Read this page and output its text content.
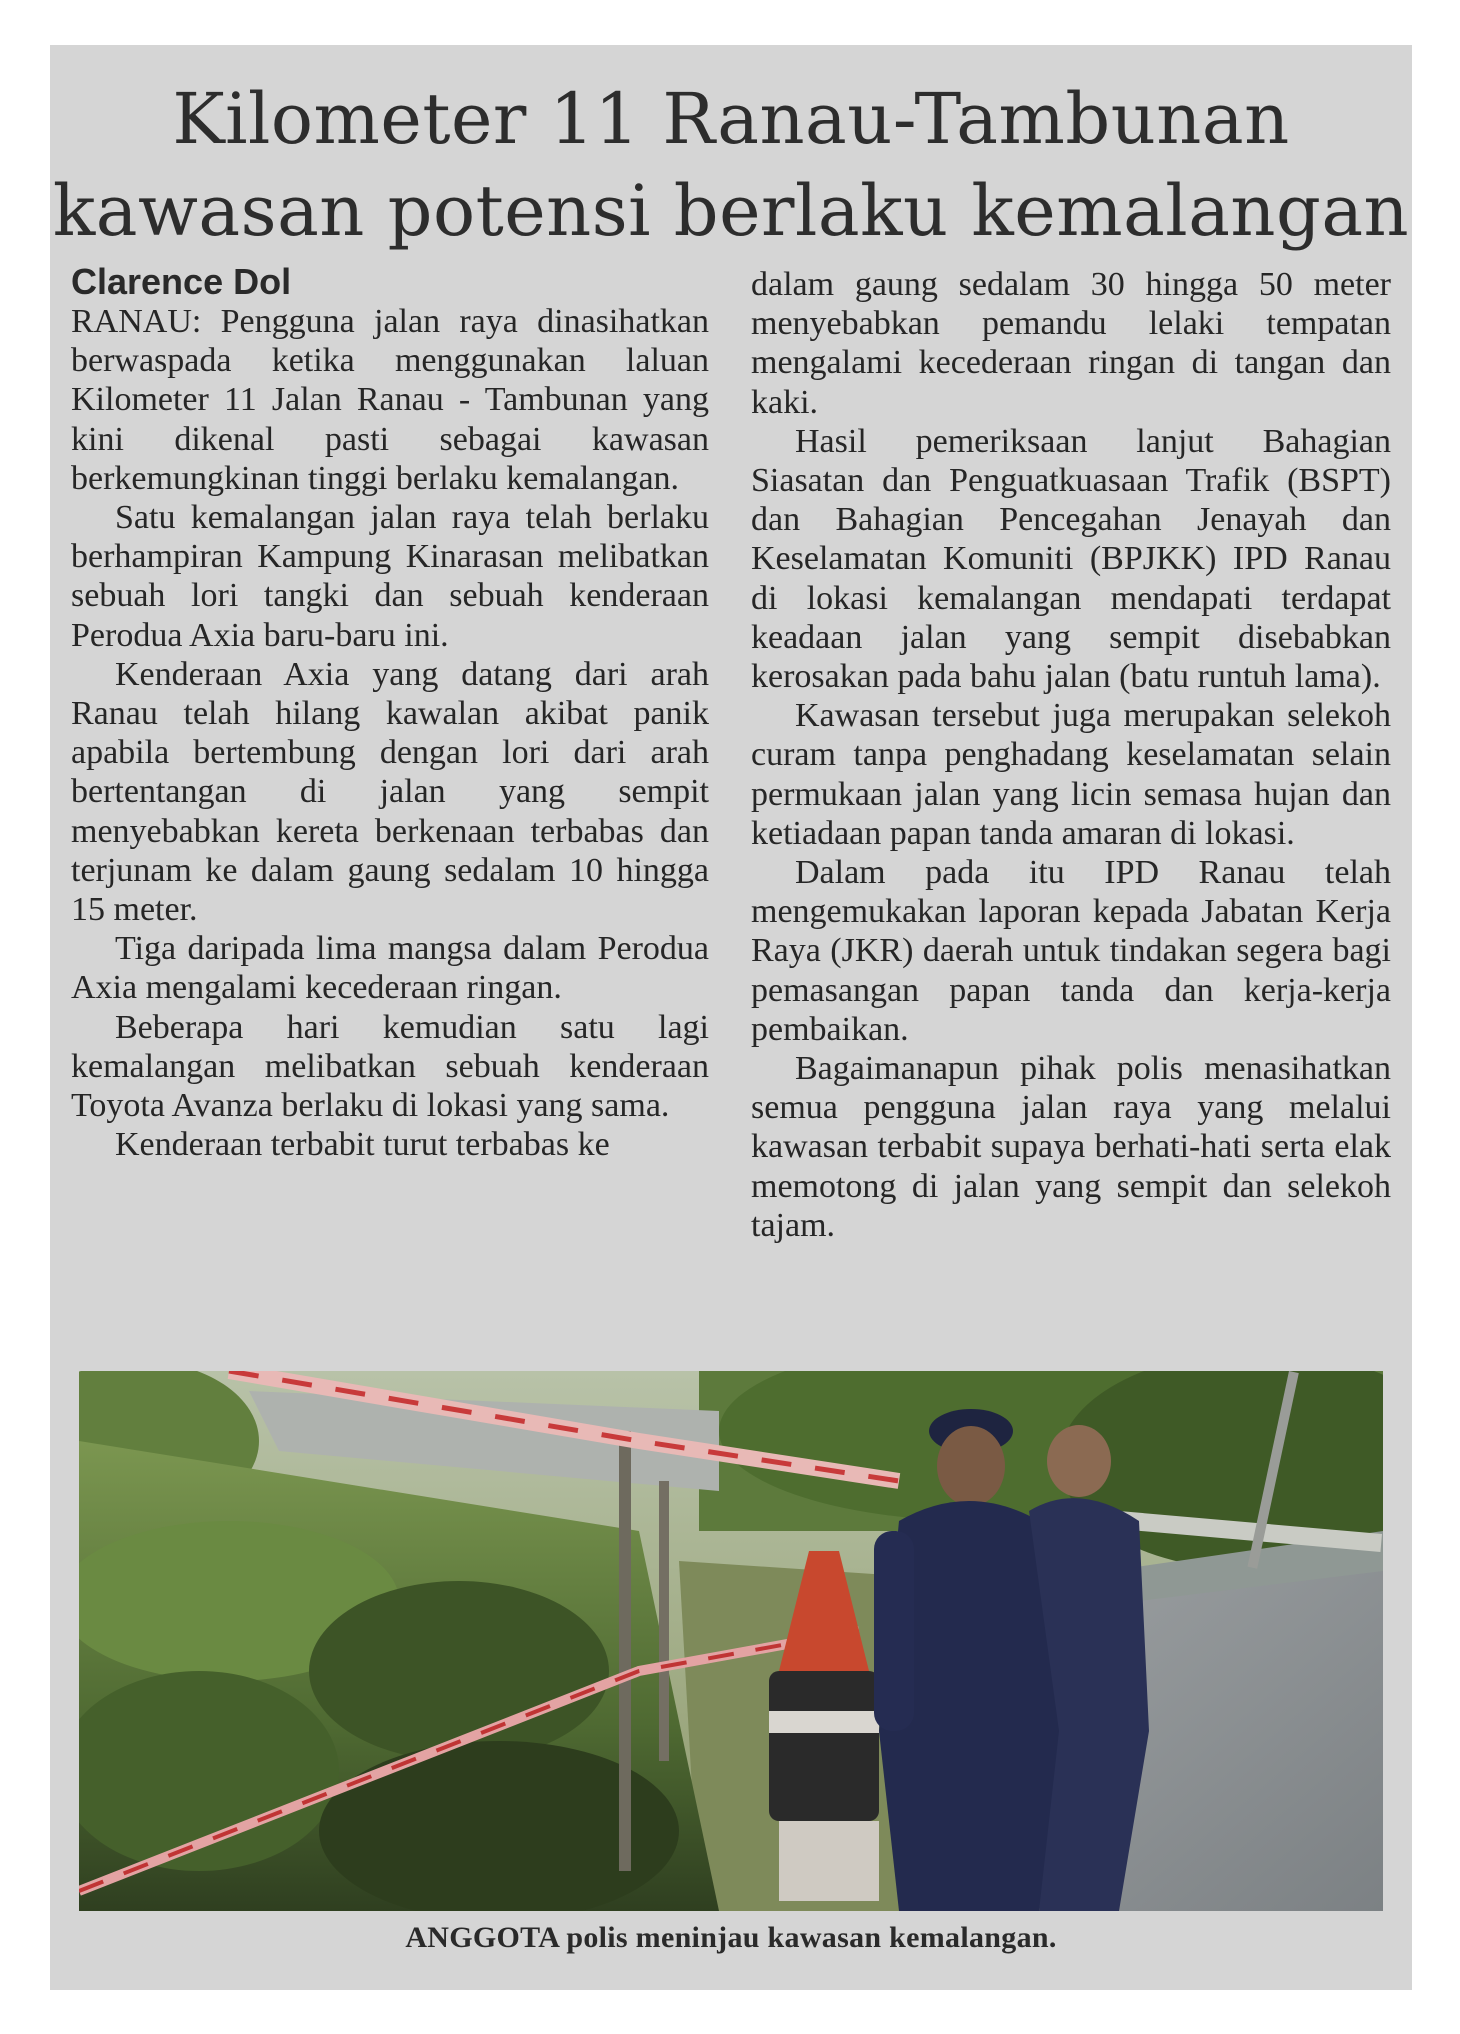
Kilometer 11 Ranau-Tambunan
kawasan potensi berlaku kemalangan
Clarence Dol

RANAU: Pengguna jalan raya dinasihatkan berwaspada ketika menggunakan laluan Kilometer 11 Jalan Ranau - Tambunan yang kini dikenal pasti sebagai kawasan berkemungkinan tinggi berlaku kemalangan.

Satu kemalangan jalan raya telah berlaku berhampiran Kampung Kinarasan melibatkan sebuah lori tangki dan sebuah kenderaan Perodua Axia baru-baru ini.

Kenderaan Axia yang datang dari arah Ranau telah hilang kawalan akibat panik apabila bertembung dengan lori dari arah bertentangan di jalan yang sempit menyebabkan kereta berkenaan terbabas dan terjunam ke dalam gaung sedalam 10 hingga 15 meter.

Tiga daripada lima mangsa dalam Perodua Axia mengalami kecederaan ringan.

Beberapa hari kemudian satu lagi kemalangan melibatkan sebuah kenderaan Toyota Avanza berlaku di lokasi yang sama.

Kenderaan terbabit turut terbabas ke

dalam gaung sedalam 30 hingga 50 meter menyebabkan pemandu lelaki tempatan mengalami kecederaan ringan di tangan dan kaki.

Hasil pemeriksaan lanjut Bahagian Siasatan dan Penguatkuasaan Trafik (BSPT) dan Bahagian Pencegahan Jenayah dan Keselamatan Komuniti (BPJKK) IPD Ranau di lokasi kemalangan mendapati terdapat keadaan jalan yang sempit disebabkan kerosakan pada bahu jalan (batu runtuh lama).

Kawasan tersebut juga merupakan selekoh curam tanpa penghadang keselamatan selain permukaan jalan yang licin semasa hujan dan ketiadaan papan tanda amaran di lokasi.

Dalam pada itu IPD Ranau telah mengemukakan laporan kepada Jabatan Kerja Raya (JKR) daerah untuk tindakan segera bagi pemasangan papan tanda dan kerja-kerja pembaikan.

Bagaimanapun pihak polis menasihatkan semua pengguna jalan raya yang melalui kawasan terbabit supaya berhati-hati serta elak memotong di jalan yang sempit dan selekoh tajam.

ANGGOTA polis meninjau kawasan kemalangan.
